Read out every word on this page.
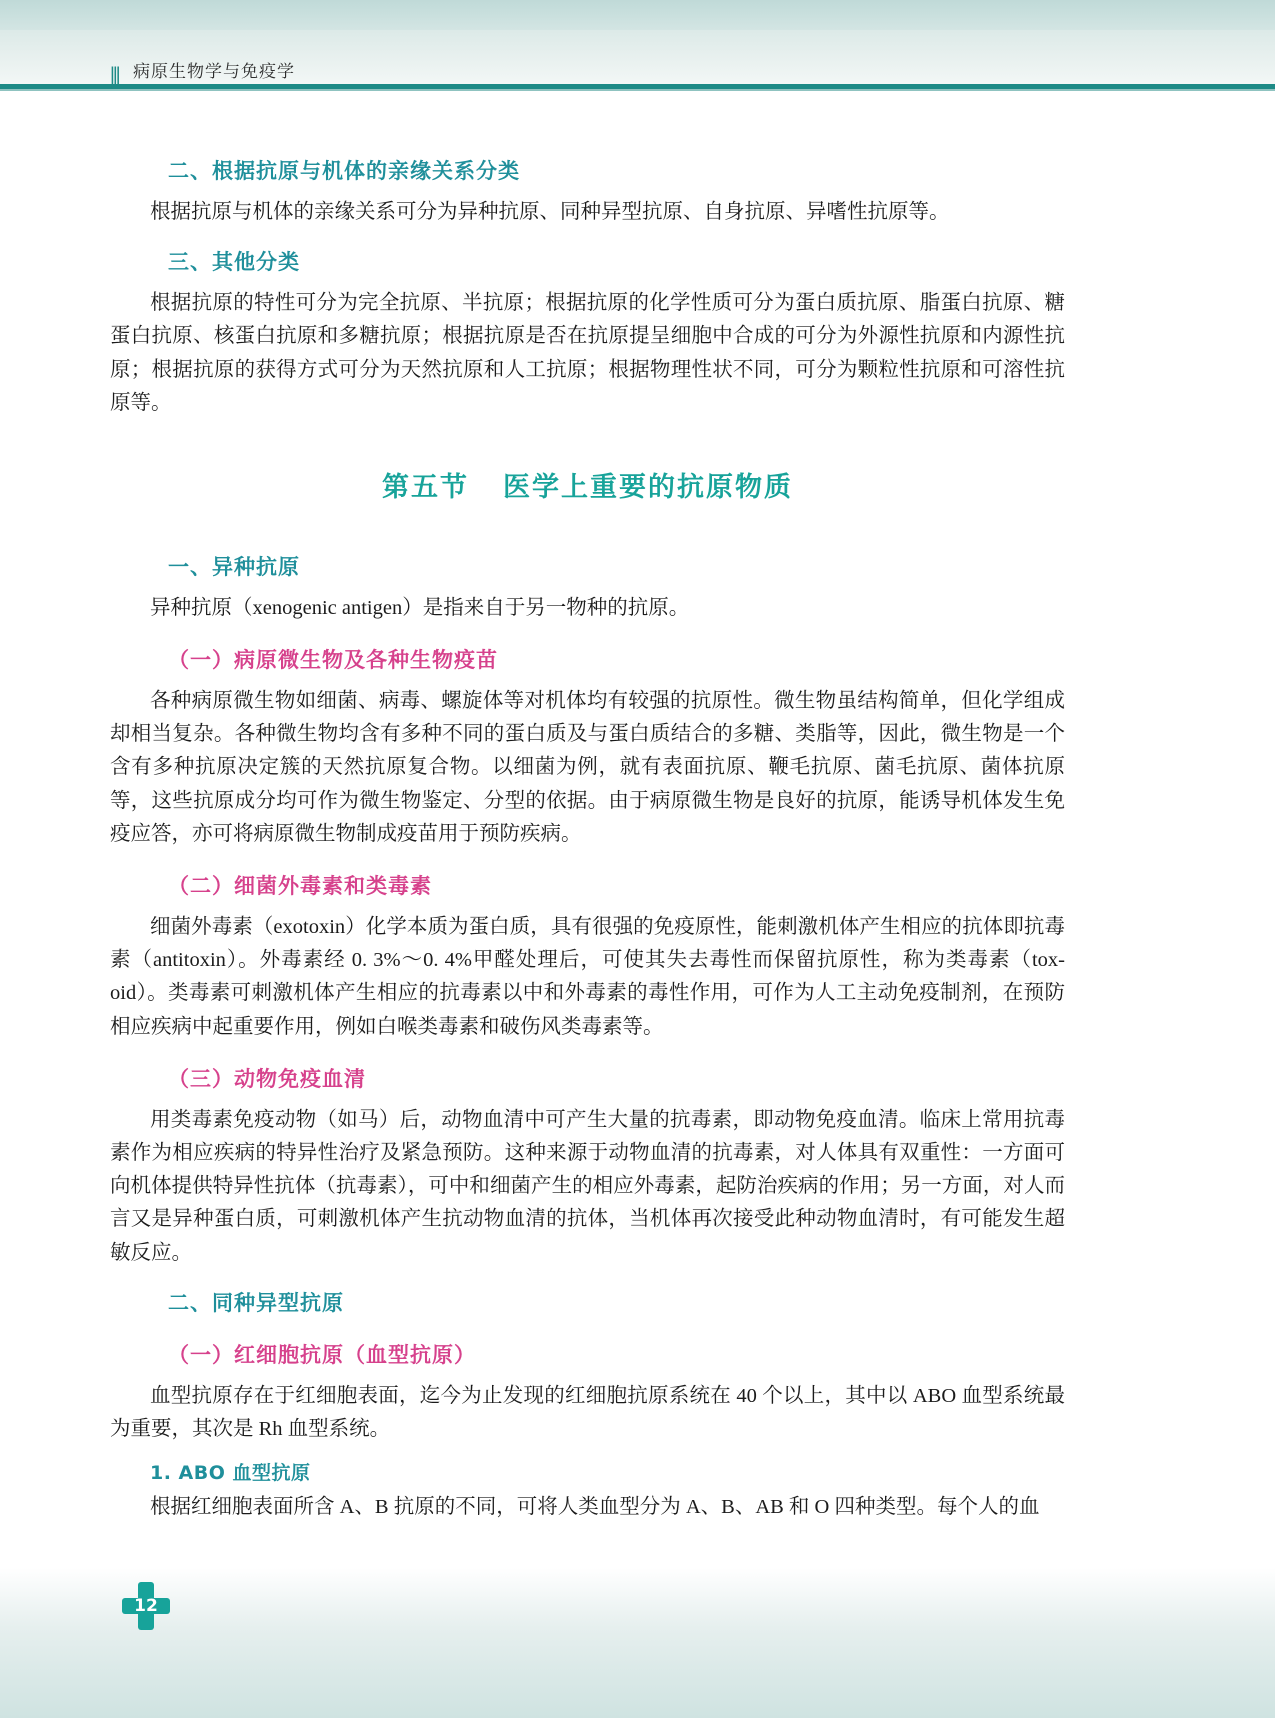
||| 病原生物学与免疫学
二、根据抗原与机体的亲缘关系分类
根据抗原与机体的亲缘关系可分为异种抗原、同种异型抗原、自身抗原、异嗜性抗原等。
三、其他分类
根据抗原的特性可分为完全抗原、半抗原；根据抗原的化学性质可分为蛋白质抗原、脂蛋白抗原、糖蛋白抗原、核蛋白抗原和多糖抗原；根据抗原是否在抗原提呈细胞中合成的可分为外源性抗原和内源性抗原；根据抗原的获得方式可分为天然抗原和人工抗原；根据物理性状不同，可分为颗粒性抗原和可溶性抗原等。
第五节 医学上重要的抗原物质
一、异种抗原
异种抗原（xenogenic antigen）是指来自于另一物种的抗原。
（一）病原微生物及各种生物疫苗
各种病原微生物如细菌、病毒、螺旋体等对机体均有较强的抗原性。微生物虽结构简单，但化学组成却相当复杂。各种微生物均含有多种不同的蛋白质及与蛋白质结合的多糖、类脂等，因此，微生物是一个含有多种抗原决定簇的天然抗原复合物。以细菌为例，就有表面抗原、鞭毛抗原、菌毛抗原、菌体抗原等，这些抗原成分均可作为微生物鉴定、分型的依据。由于病原微生物是良好的抗原，能诱导机体发生免疫应答，亦可将病原微生物制成疫苗用于预防疾病。
（二）细菌外毒素和类毒素
细菌外毒素（exotoxin）化学本质为蛋白质，具有很强的免疫原性，能刺激机体产生相应的抗体即抗毒素（antitoxin）。外毒素经 0. 3%～0. 4%甲醛处理后，可使其失去毒性而保留抗原性，称为类毒素（tox-oid）。类毒素可刺激机体产生相应的抗毒素以中和外毒素的毒性作用，可作为人工主动免疫制剂，在预防相应疾病中起重要作用，例如白喉类毒素和破伤风类毒素等。
（三）动物免疫血清
用类毒素免疫动物（如马）后，动物血清中可产生大量的抗毒素，即动物免疫血清。临床上常用抗毒素作为相应疾病的特异性治疗及紧急预防。这种来源于动物血清的抗毒素，对人体具有双重性：一方面可向机体提供特异性抗体（抗毒素），可中和细菌产生的相应外毒素，起防治疾病的作用；另一方面，对人而言又是异种蛋白质，可刺激机体产生抗动物血清的抗体，当机体再次接受此种动物血清时，有可能发生超敏反应。
二、同种异型抗原
（一）红细胞抗原（血型抗原）
血型抗原存在于红细胞表面，迄今为止发现的红细胞抗原系统在 40 个以上，其中以 ABO 血型系统最为重要，其次是 Rh 血型系统。
1. ABO 血型抗原
根据红细胞表面所含 A、B 抗原的不同，可将人类血型分为 A、B、AB 和 O 四种类型。每个人的血
12
